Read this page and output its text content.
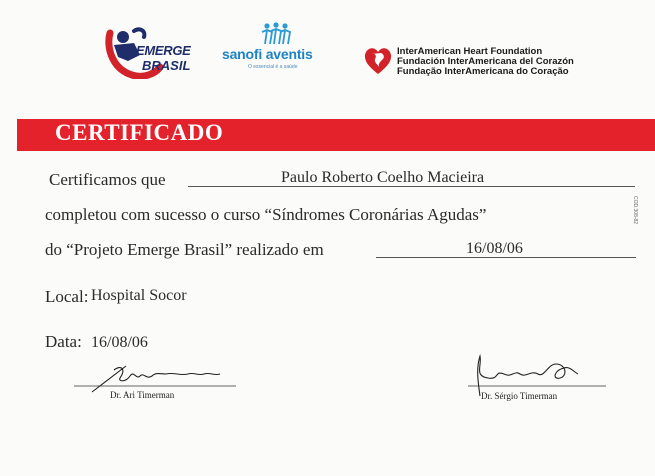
EMERGE
BRASIL
sanofi aventis
O essencial é a saúde
InterAmerican Heart Foundation
Fundación InterAmericana del Corazón
Fundação InterAmericana do Coração
CERTIFICADO
Certificamos que	Paulo Roberto Coelho Macieira
completou com sucesso o curso “Síndromes Coronárias Agudas”
do “Projeto Emerge Brasil” realizado em	16/08/06
Local: Hospital Socor
Data: 16/08/06
Dr. Ari Timerman	Dr. Sérgio Timerman
COD.308-82
